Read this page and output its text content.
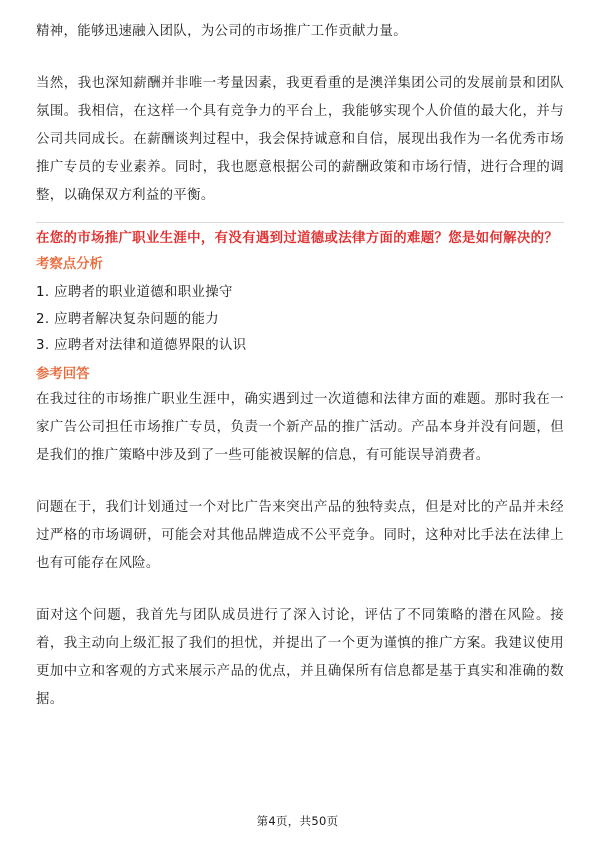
精神，能够迅速融入团队，为公司的市场推广工作贡献力量。

当然，我也深知薪酬并非唯一考量因素，我更看重的是澳洋集团公司的发展前景和团队氛围。我相信，在这样一个具有竞争力的平台上，我能够实现个人价值的最大化，并与公司共同成长。在薪酬谈判过程中，我会保持诚意和自信，展现出我作为一名优秀市场推广专员的专业素养。同时，我也愿意根据公司的薪酬政策和市场行情，进行合理的调整，以确保双方利益的平衡。

在您的市场推广职业生涯中，有没有遇到过道德或法律方面的难题？您是如何解决的？
考察点分析
1. 应聘者的职业道德和职业操守
2. 应聘者解决复杂问题的能力
3. 应聘者对法律和道德界限的认识
参考回答

在我过往的市场推广职业生涯中，确实遇到过一次道德和法律方面的难题。那时我在一家广告公司担任市场推广专员，负责一个新产品的推广活动。产品本身并没有问题，但是我们的推广策略中涉及到了一些可能被误解的信息，有可能误导消费者。

问题在于，我们计划通过一个对比广告来突出产品的独特卖点，但是对比的产品并未经过严格的市场调研，可能会对其他品牌造成不公平竞争。同时，这种对比手法在法律上也有可能存在风险。

面对这个问题，我首先与团队成员进行了深入讨论，评估了不同策略的潜在风险。接着，我主动向上级汇报了我们的担忧，并提出了一个更为谨慎的推广方案。我建议使用更加中立和客观的方式来展示产品的优点，并且确保所有信息都是基于真实和准确的数据。

第4页，共50页
